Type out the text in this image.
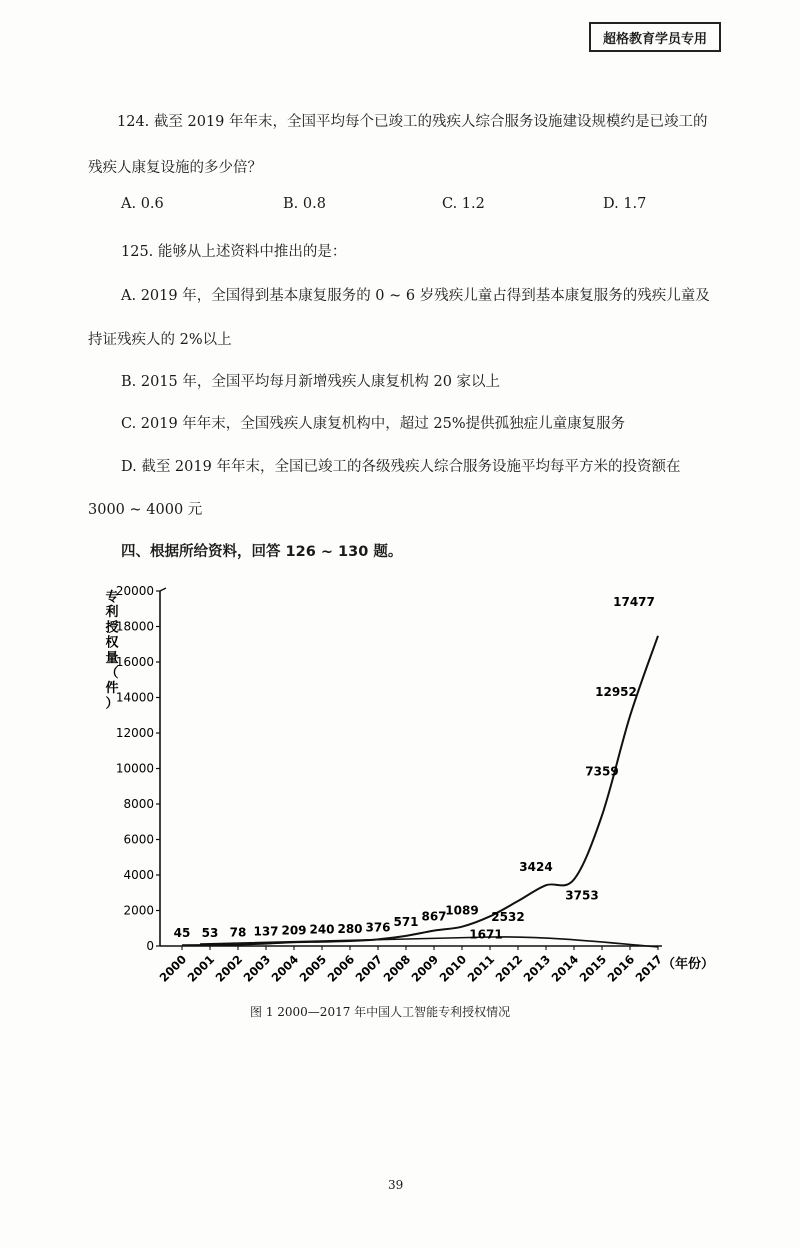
超格教育学员专用
124. 截至 2019 年年末，全国平均每个已竣工的残疾人综合服务设施建设规模约是已竣工的
残疾人康复设施的多少倍？
A. 0.6	B. 0.8	C. 1.2	D. 1.7
125. 能够从上述资料中推出的是：
A. 2019 年，全国得到基本康复服务的 0 ~ 6 岁残疾儿童占得到基本康复服务的残疾儿童及
持证残疾人的 2%以上
B. 2015 年，全国平均每月新增残疾人康复机构 20 家以上
C. 2019 年年末，全国残疾人康复机构中，超过 25%提供孤独症儿童康复服务
D. 截至 2019 年年末，全国已竣工的各级残疾人综合服务设施平均每平方米的投资额在
3000 ~ 4000 元
四、根据所给资料，回答 126 ~ 130 题。
专
利
授
权
量
（
件
）
0
2000
4000
6000
8000
10000
12000
14000
16000
18000
20000
2000
2001
2002
2003
2004
2005
2006
2007
2008
2009
2010
2011
2012
2013
2014
2015
2016
2017
45 53 78 137 209 240 280 376 571 867
1089
1671
2532
3424
3753
7359
12952
17477
（年份）
图 1 2000—2017 年中国人工智能专利授权情况
39
